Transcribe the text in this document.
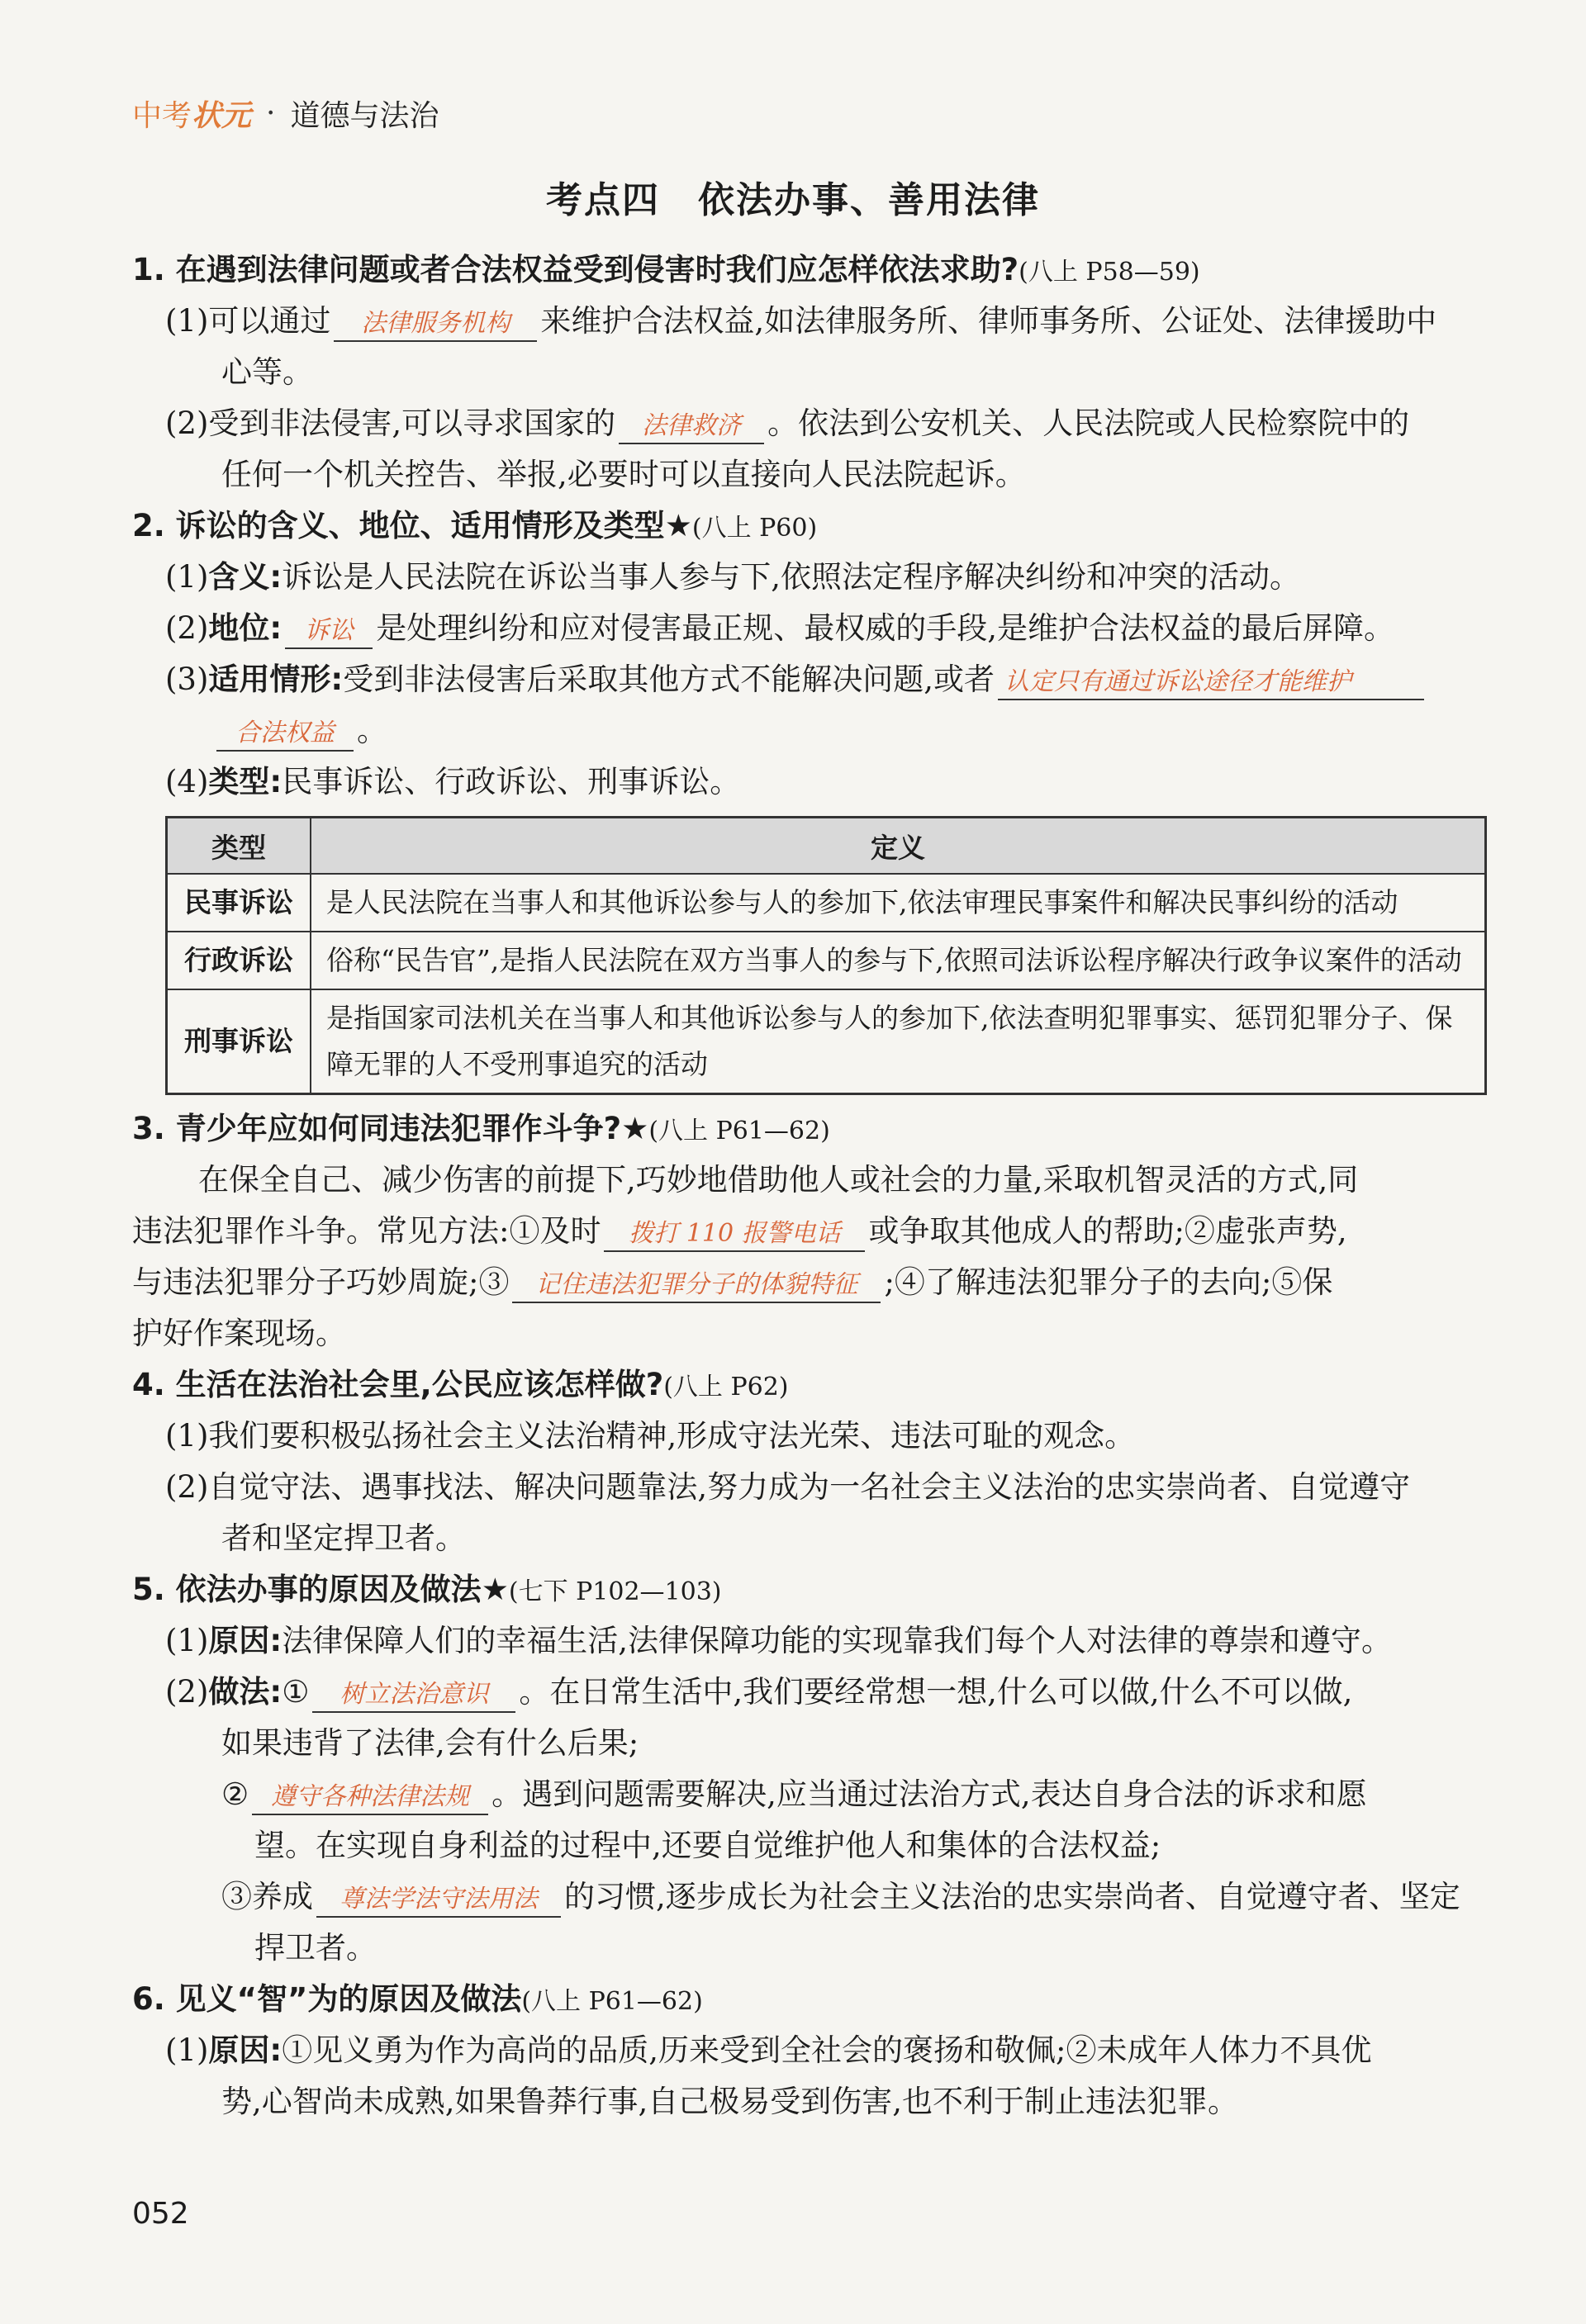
中考 状元 · 道德与法治
考点四　依法办事、善用法律
1. 在遇到法律问题或者合法权益受到侵害时我们应怎样依法求助?(八上 P58—59)
(1)可以通过 法律服务机构 来维护合法权益,如法律服务所、律师事务所、公证处、法律援助中
心等。
(2)受到非法侵害,可以寻求国家的 法律救济 。依法到公安机关、人民法院或人民检察院中的
任何一个机关控告、举报,必要时可以直接向人民法院起诉。
2. 诉讼的含义、地位、适用情形及类型★(八上 P60)
(1)含义:诉讼是人民法院在诉讼当事人参与下,依照法定程序解决纠纷和冲突的活动。
(2)地位: 诉讼 是处理纠纷和应对侵害最正规、最权威的手段,是维护合法权益的最后屏障。
(3)适用情形:受到非法侵害后采取其他方式不能解决问题,或者 认定只有通过诉讼途径才能维护
合法权益 。
(4)类型:民事诉讼、行政诉讼、刑事诉讼。
类型	定义
民事诉讼	是人民法院在当事人和其他诉讼参与人的参加下,依法审理民事案件和解决民事纠纷的活动
行政诉讼	俗称“民告官”,是指人民法院在双方当事人的参与下,依照司法诉讼程序解决行政争议案件的活动
刑事诉讼	是指国家司法机关在当事人和其他诉讼参与人的参加下,依法查明犯罪事实、惩罚犯罪分子、保障无罪的人不受刑事追究的活动
3. 青少年应如何同违法犯罪作斗争?★(八上 P61—62)
在保全自己、减少伤害的前提下,巧妙地借助他人或社会的力量,采取机智灵活的方式,同
违法犯罪作斗争。常见方法:①及时 拨打 110 报警电话 或争取其他成人的帮助;②虚张声势,
与违法犯罪分子巧妙周旋;③ 记住违法犯罪分子的体貌特征 ;④了解违法犯罪分子的去向;⑤保
护好作案现场。
4. 生活在法治社会里,公民应该怎样做?(八上 P62)
(1)我们要积极弘扬社会主义法治精神,形成守法光荣、违法可耻的观念。
(2)自觉守法、遇事找法、解决问题靠法,努力成为一名社会主义法治的忠实崇尚者、自觉遵守
者和坚定捍卫者。
5. 依法办事的原因及做法★(七下 P102—103)
(1)原因:法律保障人们的幸福生活,法律保障功能的实现靠我们每个人对法律的尊崇和遵守。
(2)做法:① 树立法治意识 。在日常生活中,我们要经常想一想,什么可以做,什么不可以做,
如果违背了法律,会有什么后果;
② 遵守各种法律法规 。遇到问题需要解决,应当通过法治方式,表达自身合法的诉求和愿
望。在实现自身利益的过程中,还要自觉维护他人和集体的合法权益;
③养成 尊法学法守法用法 的习惯,逐步成长为社会主义法治的忠实崇尚者、自觉遵守者、坚定
捍卫者。
6. 见义“智”为的原因及做法(八上 P61—62)
(1)原因:①见义勇为作为高尚的品质,历来受到全社会的褒扬和敬佩;②未成年人体力不具优
势,心智尚未成熟,如果鲁莽行事,自己极易受到伤害,也不利于制止违法犯罪。
052
